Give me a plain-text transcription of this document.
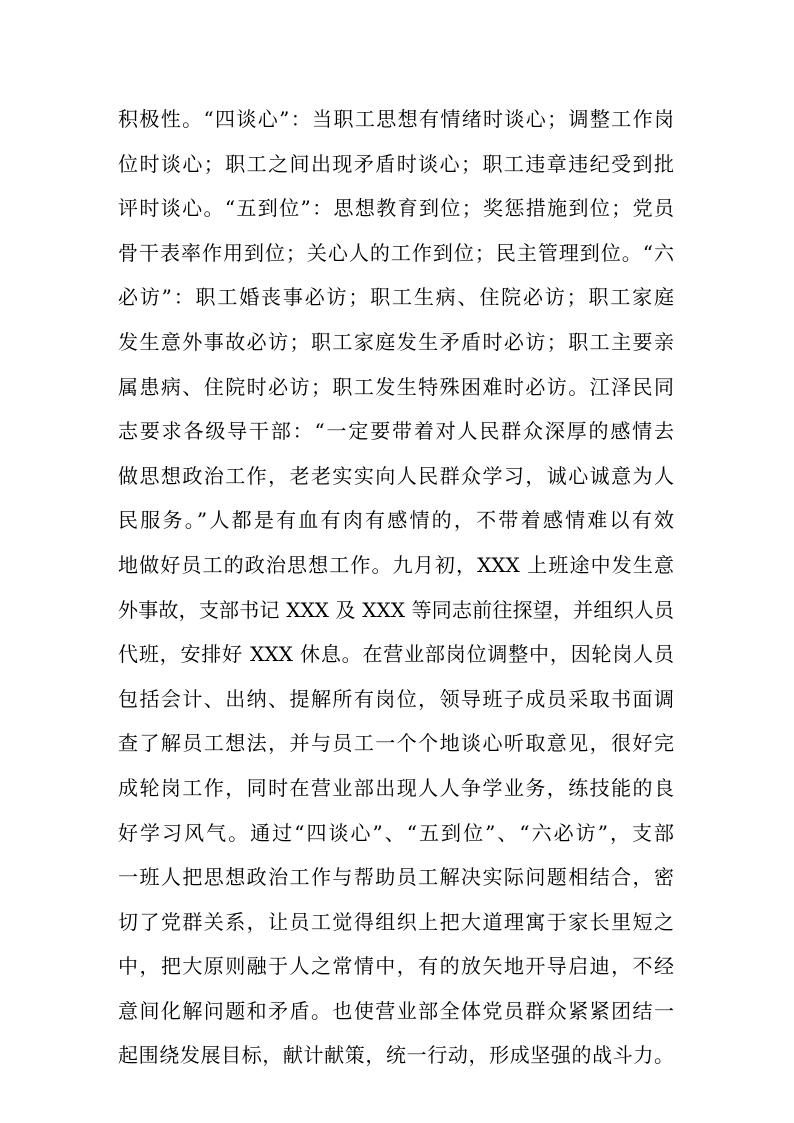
积极性。“四谈心”：当职工思想有情绪时谈心；调整工作岗
位时谈心；职工之间出现矛盾时谈心；职工违章违纪受到批
评时谈心。“五到位”：思想教育到位；奖惩措施到位；党员
骨干表率作用到位；关心人的工作到位；民主管理到位。“六
必访”：职工婚丧事必访；职工生病、住院必访；职工家庭
发生意外事故必访；职工家庭发生矛盾时必访；职工主要亲
属患病、住院时必访；职工发生特殊困难时必访。江泽民同
志要求各级导干部：“一定要带着对人民群众深厚的感情去
做思想政治工作，老老实实向人民群众学习，诚心诚意为人
民服务。”人都是有血有肉有感情的，不带着感情难以有效
地做好员工的政治思想工作。九月初，XXX 上班途中发生意
外事故，支部书记 XXX 及 XXX 等同志前往探望，并组织人员
代班，安排好 XXX 休息。在营业部岗位调整中，因轮岗人员
包括会计、出纳、提解所有岗位，领导班子成员采取书面调
查了解员工想法，并与员工一个个地谈心听取意见，很好完
成轮岗工作，同时在营业部出现人人争学业务，练技能的良
好学习风气。通过“四谈心”、“五到位”、“六必访”，支部
一班人把思想政治工作与帮助员工解决实际问题相结合，密
切了党群关系，让员工觉得组织上把大道理寓于家长里短之
中，把大原则融于人之常情中，有的放矢地开导启迪，不经
意间化解问题和矛盾。也使营业部全体党员群众紧紧团结一
起围绕发展目标，献计献策，统一行动，形成坚强的战斗力。
